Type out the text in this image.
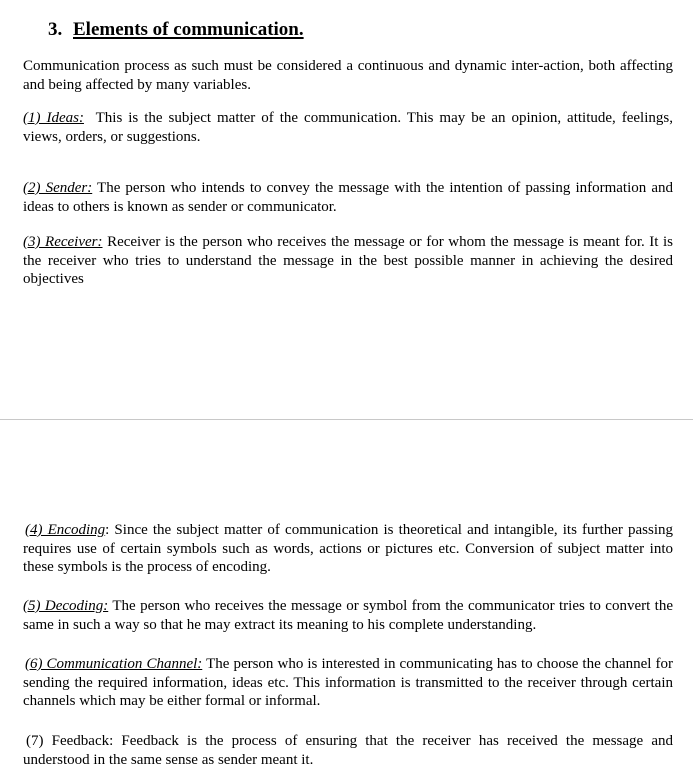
3. Elements of communication.

Communication process as such must be considered a continuous and dynamic inter-action, both affecting and being affected by many variables.

(1) Ideas: This is the subject matter of the communication. This may be an opinion, attitude, feelings, views, orders, or suggestions.

(2) Sender: The person who intends to convey the message with the intention of passing information and ideas to others is known as sender or communicator.

(3) Receiver: Receiver is the person who receives the message or for whom the message is meant for. It is the receiver who tries to understand the message in the best possible manner in achieving the desired objectives

(4) Encoding: Since the subject matter of communication is theoretical and intangible, its further passing requires use of certain symbols such as words, actions or pictures etc. Conversion of subject matter into these symbols is the process of encoding.

(5) Decoding: The person who receives the message or symbol from the communicator tries to convert the same in such a way so that he may extract its meaning to his complete understanding.

(6) Communication Channel: The person who is interested in communicating has to choose the channel for sending the required information, ideas etc. This information is transmitted to the receiver through certain channels which may be either formal or informal.

(7) Feedback: Feedback is the process of ensuring that the receiver has received the message and understood in the same sense as sender meant it.
